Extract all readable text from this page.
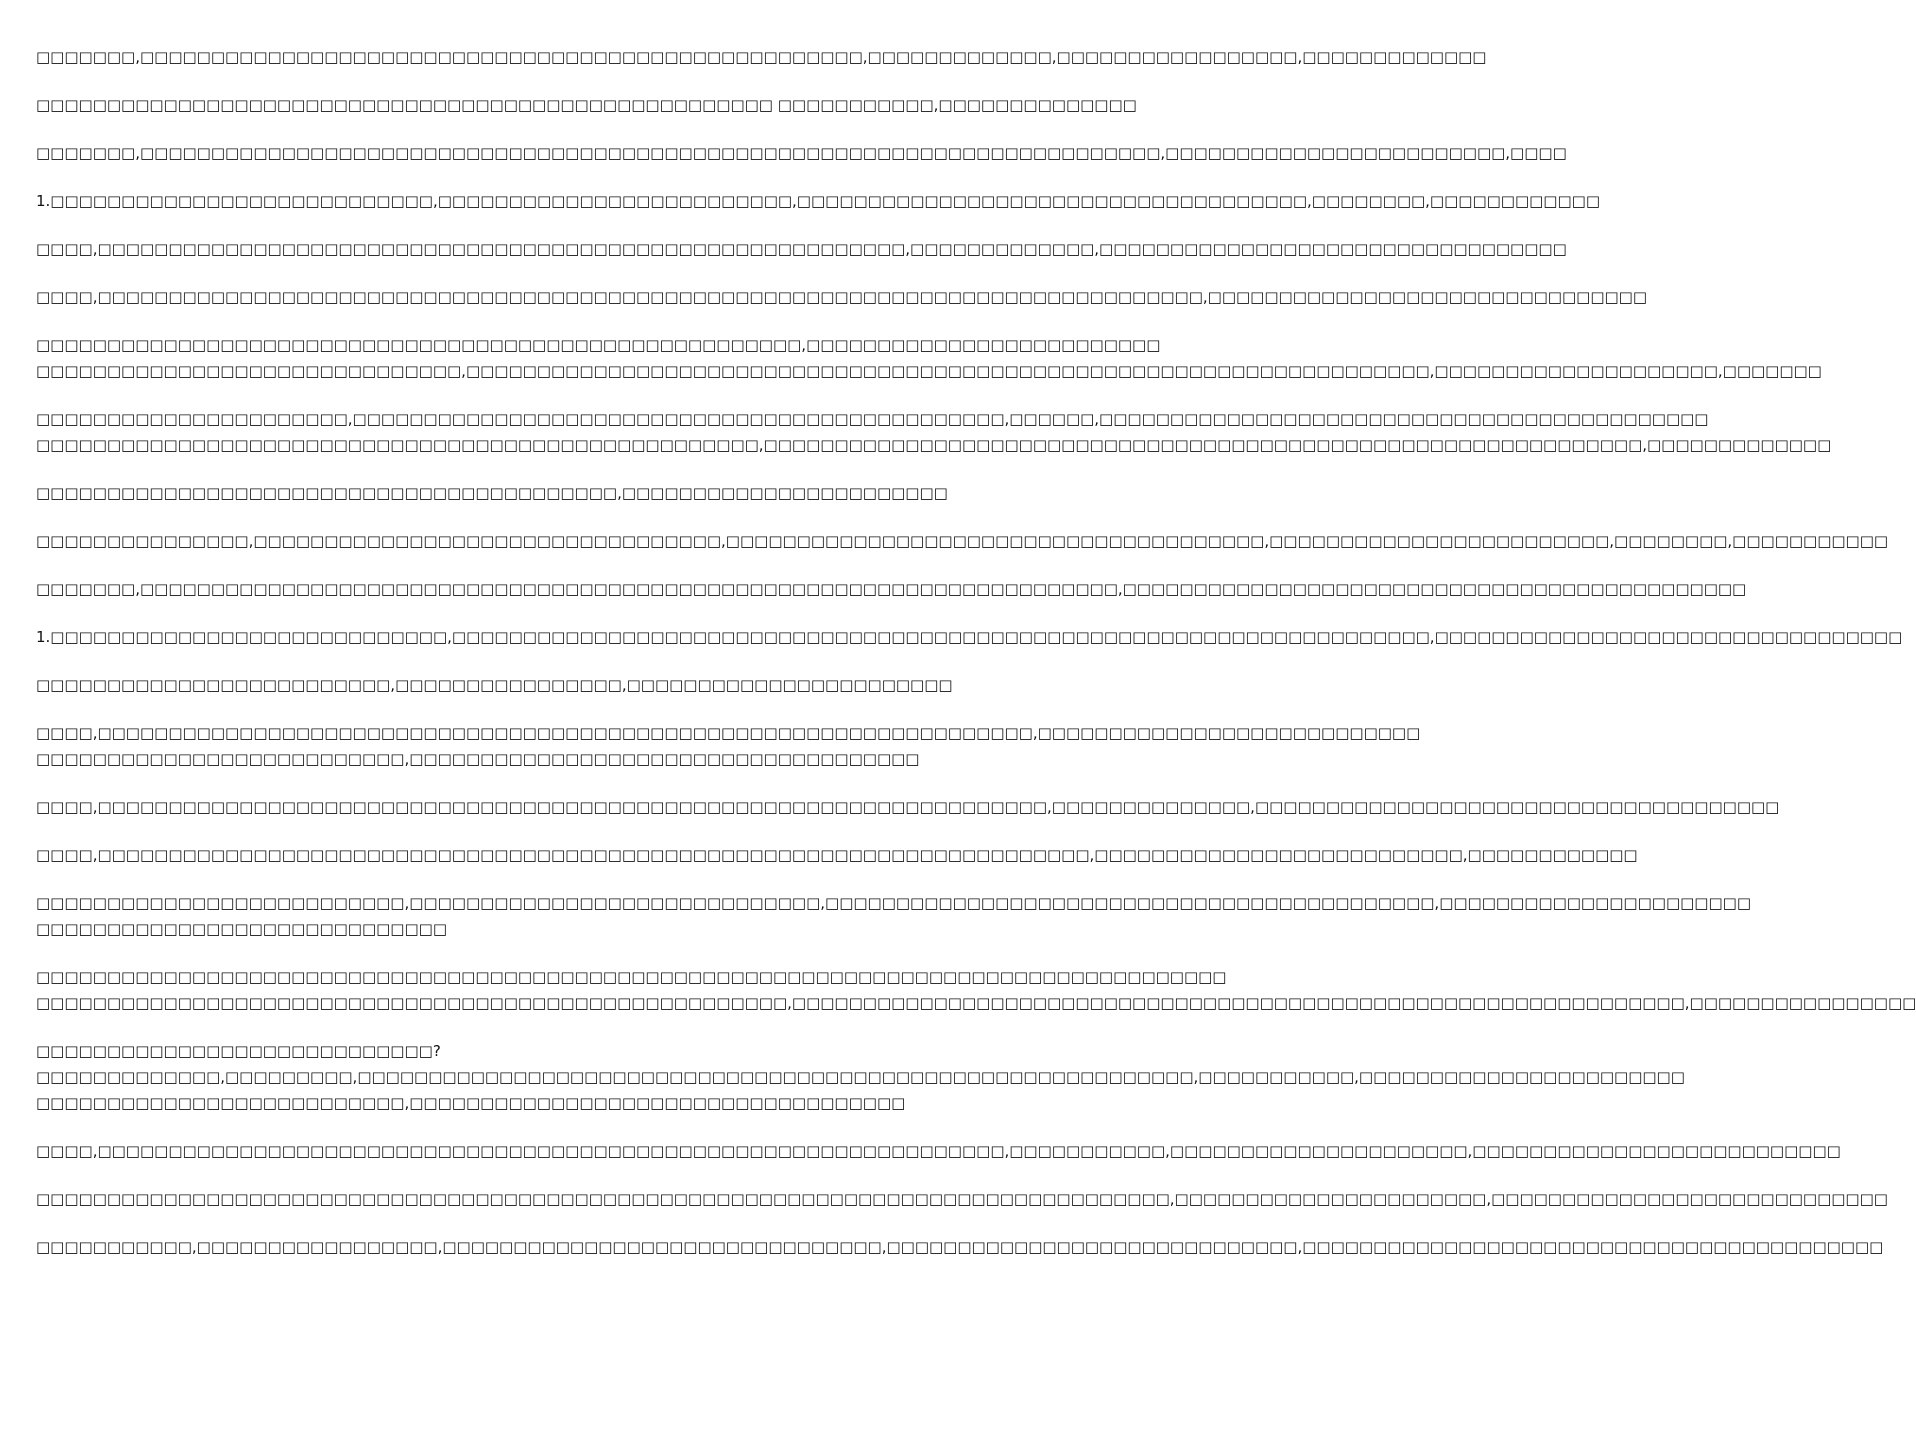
□□□□□□□,□□□□□□□□□□□□□□□□□□□□□□□□□□□□□□□□□□□□□□□□□□□□□□□□□□□,□□□□□□□□□□□□□,□□□□□□□□□□□□□□□□□,□□□□□□□□□□□□□
□□□□□□□□□□□□□□□□□□□□□□□□□□□□□□□□□□□□□□□□□□□□□□□□□□□□ □□□□□□□□□□□,□□□□□□□□□□□□□□
□□□□□□□,□□□□□□□□□□□□□□□□□□□□□□□□□□□□□□□□□□□□□□□□□□□□□□□□□□□□□□□□□□□□□□□□□□□□□□□□,□□□□□□□□□□□□□□□□□□□□□□□□,□□□□
1.□□□□□□□□□□□□□□□□□□□□□□□□□□□,□□□□□□□□□□□□□□□□□□□□□□□□□,□□□□□□□□□□□□□□□□□□□□□□□□□□□□□□□□□□□□,□□□□□□□□,□□□□□□□□□□□□
□□□□,□□□□□□□□□□□□□□□□□□□□□□□□□□□□□□□□□□□□□□□□□□□□□□□□□□□□□□□□□,□□□□□□□□□□□□□,□□□□□□□□□□□□□□□□□□□□□□□□□□□□□□□□□
□□□□,□□□□□□□□□□□□□□□□□□□□□□□□□□□□□□□□□□□□□□□□□□□□□□□□□□□□□□□□□□□□□□□□□□□□□□□□□□□□□□,□□□□□□□□□□□□□□□□□□□□□□□□□□□□□□□
□□□□□□□□□□□□□□□□□□□□□□□□□□□□□□□□□□□□□□□□□□□□□□□□□□□□□□,□□□□□□□□□□□□□□□□□□□□□□□□□
□□□□□□□□□□□□□□□□□□□□□□□□□□□□□□,□□□□□□□□□□□□□□□□□□□□□□□□□□□□□□□□□□□□□□□□□□□□□□□□□□□□□□□□□□□□□□□□□□□□,□□□□□□□□□□□□□□□□□□□□,□□□□□□□
□□□□□□□□□□□□□□□□□□□□□□,□□□□□□□□□□□□□□□□□□□□□□□□□□□□□□□□□□□□□□□□□□□□□□,□□□□□□,□□□□□□□□□□□□□□□□□□□□□□□□□□□□□□□□□□□□□□□□□□□
□□□□□□□□□□□□□□□□□□□□□□□□□□□□□□□□□□□□□□□□□□□□□□□□□□□,□□□□□□□□□□□□□□□□□□□□□□□□□□□□□□□□□□□□□□□□□□□□□□□□□□□□□□□□□□□□□□,□□□□□□□□□□□□□
□□□□□□□□□□□□□□□□□□□□□□□□□□□□□□□□□□□□□□□□□,□□□□□□□□□□□□□□□□□□□□□□□
□□□□□□□□□□□□□□□,□□□□□□□□□□□□□□□□□□□□□□□□□□□□□□□□□,□□□□□□□□□□□□□□□□□□□□□□□□□□□□□□□□□□□□□□,□□□□□□□□□□□□□□□□□□□□□□□□,□□□□□□□□,□□□□□□□□□□□
□□□□□□□,□□□□□□□□□□□□□□□□□□□□□□□□□□□□□□□□□□□□□□□□□□□□□□□□□□□□□□□□□□□□□□□□□□□□□,□□□□□□□□□□□□□□□□□□□□□□□□□□□□□□□□□□□□□□□□□□□□
1.□□□□□□□□□□□□□□□□□□□□□□□□□□□□,□□□□□□□□□□□□□□□□□□□□□□□□□□□□□□□□□□□□□□□□□□□□□□□□□□□□□□□□□□□□□□□□□□□□□,□□□□□□□□□□□□□□□□□□□□□□□□□□□□□□□□□
□□□□□□□□□□□□□□□□□□□□□□□□□,□□□□□□□□□□□□□□□□,□□□□□□□□□□□□□□□□□□□□□□□
□□□□,□□□□□□□□□□□□□□□□□□□□□□□□□□□□□□□□□□□□□□□□□□□□□□□□□□□□□□□□□□□□□□□□□□,□□□□□□□□□□□□□□□□□□□□□□□□□□□
□□□□□□□□□□□□□□□□□□□□□□□□□□,□□□□□□□□□□□□□□□□□□□□□□□□□□□□□□□□□□□□
□□□□,□□□□□□□□□□□□□□□□□□□□□□□□□□□□□□□□□□□□□□□□□□□□□□□□□□□□□□□□□□□□□□□□□□□,□□□□□□□□□□□□□□,□□□□□□□□□□□□□□□□□□□□□□□□□□□□□□□□□□□□□
□□□□,□□□□□□□□□□□□□□□□□□□□□□□□□□□□□□□□□□□□□□□□□□□□□□□□□□□□□□□□□□□□□□□□□□□□□□,□□□□□□□□□□□□□□□□□□□□□□□□□□,□□□□□□□□□□□□
□□□□□□□□□□□□□□□□□□□□□□□□□□,□□□□□□□□□□□□□□□□□□□□□□□□□□□□□,□□□□□□□□□□□□□□□□□□□□□□□□□□□□□□□□□□□□□□□□□□□,□□□□□□□□□□□□□□□□□□□□□□
□□□□□□□□□□□□□□□□□□□□□□□□□□□□□
□□□□□□□□□□□□□□□□□□□□□□□□□□□□□□□□□□□□□□□□□□□□□□□□□□□□□□□□□□□□□□□□□□□□□□□□□□□□□□□□□□□□
□□□□□□□□□□□□□□□□□□□□□□□□□□□□□□□□□□□□□□□□□□□□□□□□□□□□□,□□□□□□□□□□□□□□□□□□□□□□□□□□□□□□□□□□□□□□□□□□□□□□□□□□□□□□□□□□□□□□□,□□□□□□□□□□□□□□□□
□□□□□□□□□□□□□□□□□□□□□□□□□□□□?
□□□□□□□□□□□□□,□□□□□□□□□,□□□□□□□□□□□□□□□□□□□□□□□□□□□□□□□□□□□□□□□□□□□□□□□□□□□□□□□□□□□,□□□□□□□□□□□,□□□□□□□□□□□□□□□□□□□□□□□
□□□□□□□□□□□□□□□□□□□□□□□□□□,□□□□□□□□□□□□□□□□□□□□□□□□□□□□□□□□□□□
□□□□,□□□□□□□□□□□□□□□□□□□□□□□□□□□□□□□□□□□□□□□□□□□□□□□□□□□□□□□□□□□□□□□□,□□□□□□□□□□□,□□□□□□□□□□□□□□□□□□□□□,□□□□□□□□□□□□□□□□□□□□□□□□□□
□□□□□□□□□□□□□□□□□□□□□□□□□□□□□□□□□□□□□□□□□□□□□□□□□□□□□□□□□□□□□□□□□□□□□□□□□□□□□□□□,□□□□□□□□□□□□□□□□□□□□□□,□□□□□□□□□□□□□□□□□□□□□□□□□□□□
□□□□□□□□□□□,□□□□□□□□□□□□□□□□□,□□□□□□□□□□□□□□□□□□□□□□□□□□□□□□□,□□□□□□□□□□□□□□□□□□□□□□□□□□□□□,□□□□□□□□□□□□□□□□□□□□□□□□□□□□□□□□□□□□□□□□□
